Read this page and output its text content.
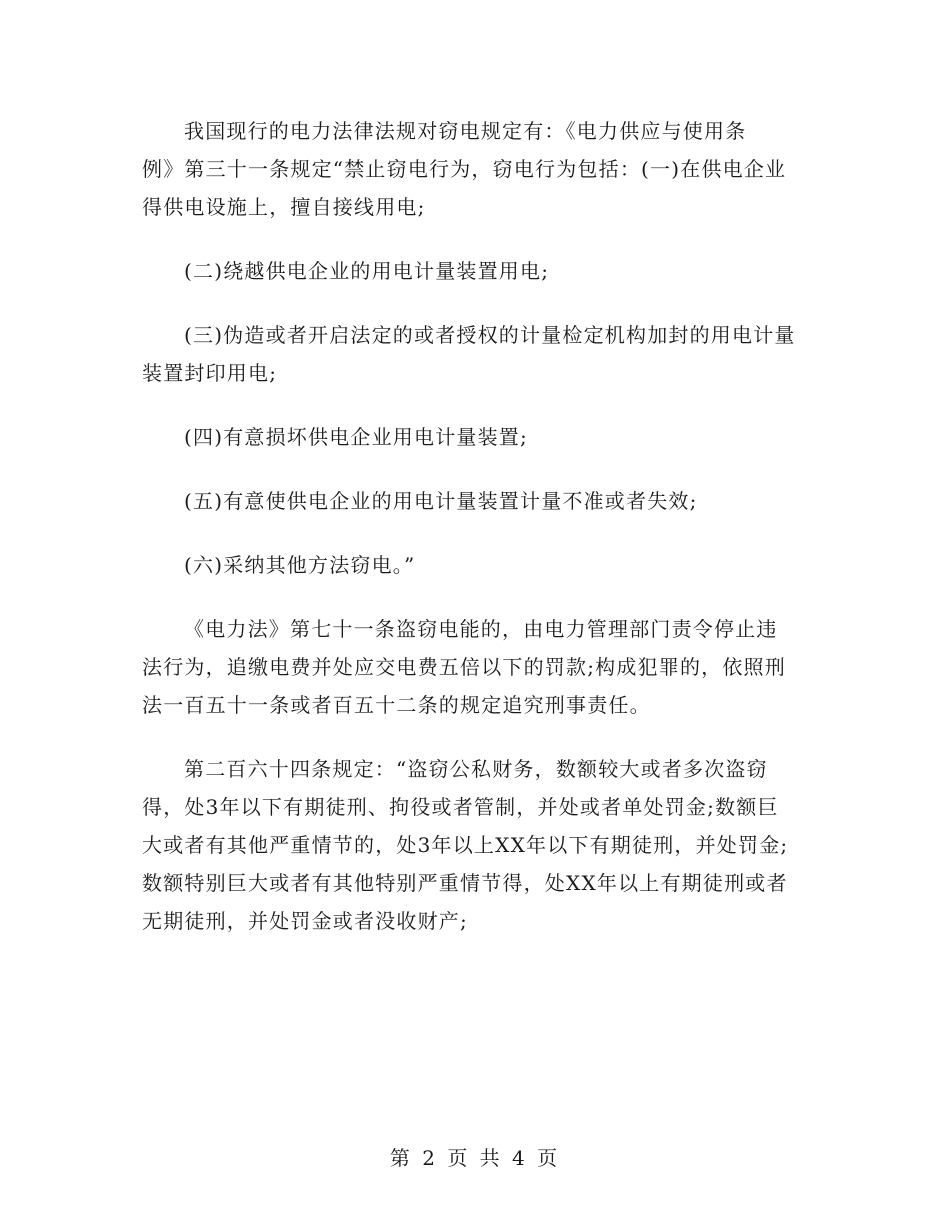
我国现行的电力法律法规对窃电规定有：《电力供应与使用条
例》第三十一条规定“禁止窃电行为，窃电行为包括：(一)在供电企业
得供电设施上，擅自接线用电;
(二)绕越供电企业的用电计量装置用电;
(三)伪造或者开启法定的或者授权的计量检定机构加封的用电计量
装置封印用电;
(四)有意损坏供电企业用电计量装置;
(五)有意使供电企业的用电计量装置计量不准或者失效;
(六)采纳其他方法窃电。”
《电力法》第七十一条盗窃电能的，由电力管理部门责令停止违
法行为，追缴电费并处应交电费五倍以下的罚款;构成犯罪的，依照刑
法一百五十一条或者百五十二条的规定追究刑事责任。
第二百六十四条规定：“盗窃公私财务，数额较大或者多次盗窃
得，处3年以下有期徒刑、拘役或者管制，并处或者单处罚金;数额巨
大或者有其他严重情节的，处3年以上XX年以下有期徒刑，并处罚金;
数额特别巨大或者有其他特别严重情节得，处XX年以上有期徒刑或者
无期徒刑，并处罚金或者没收财产;
第 2 页 共 4 页
